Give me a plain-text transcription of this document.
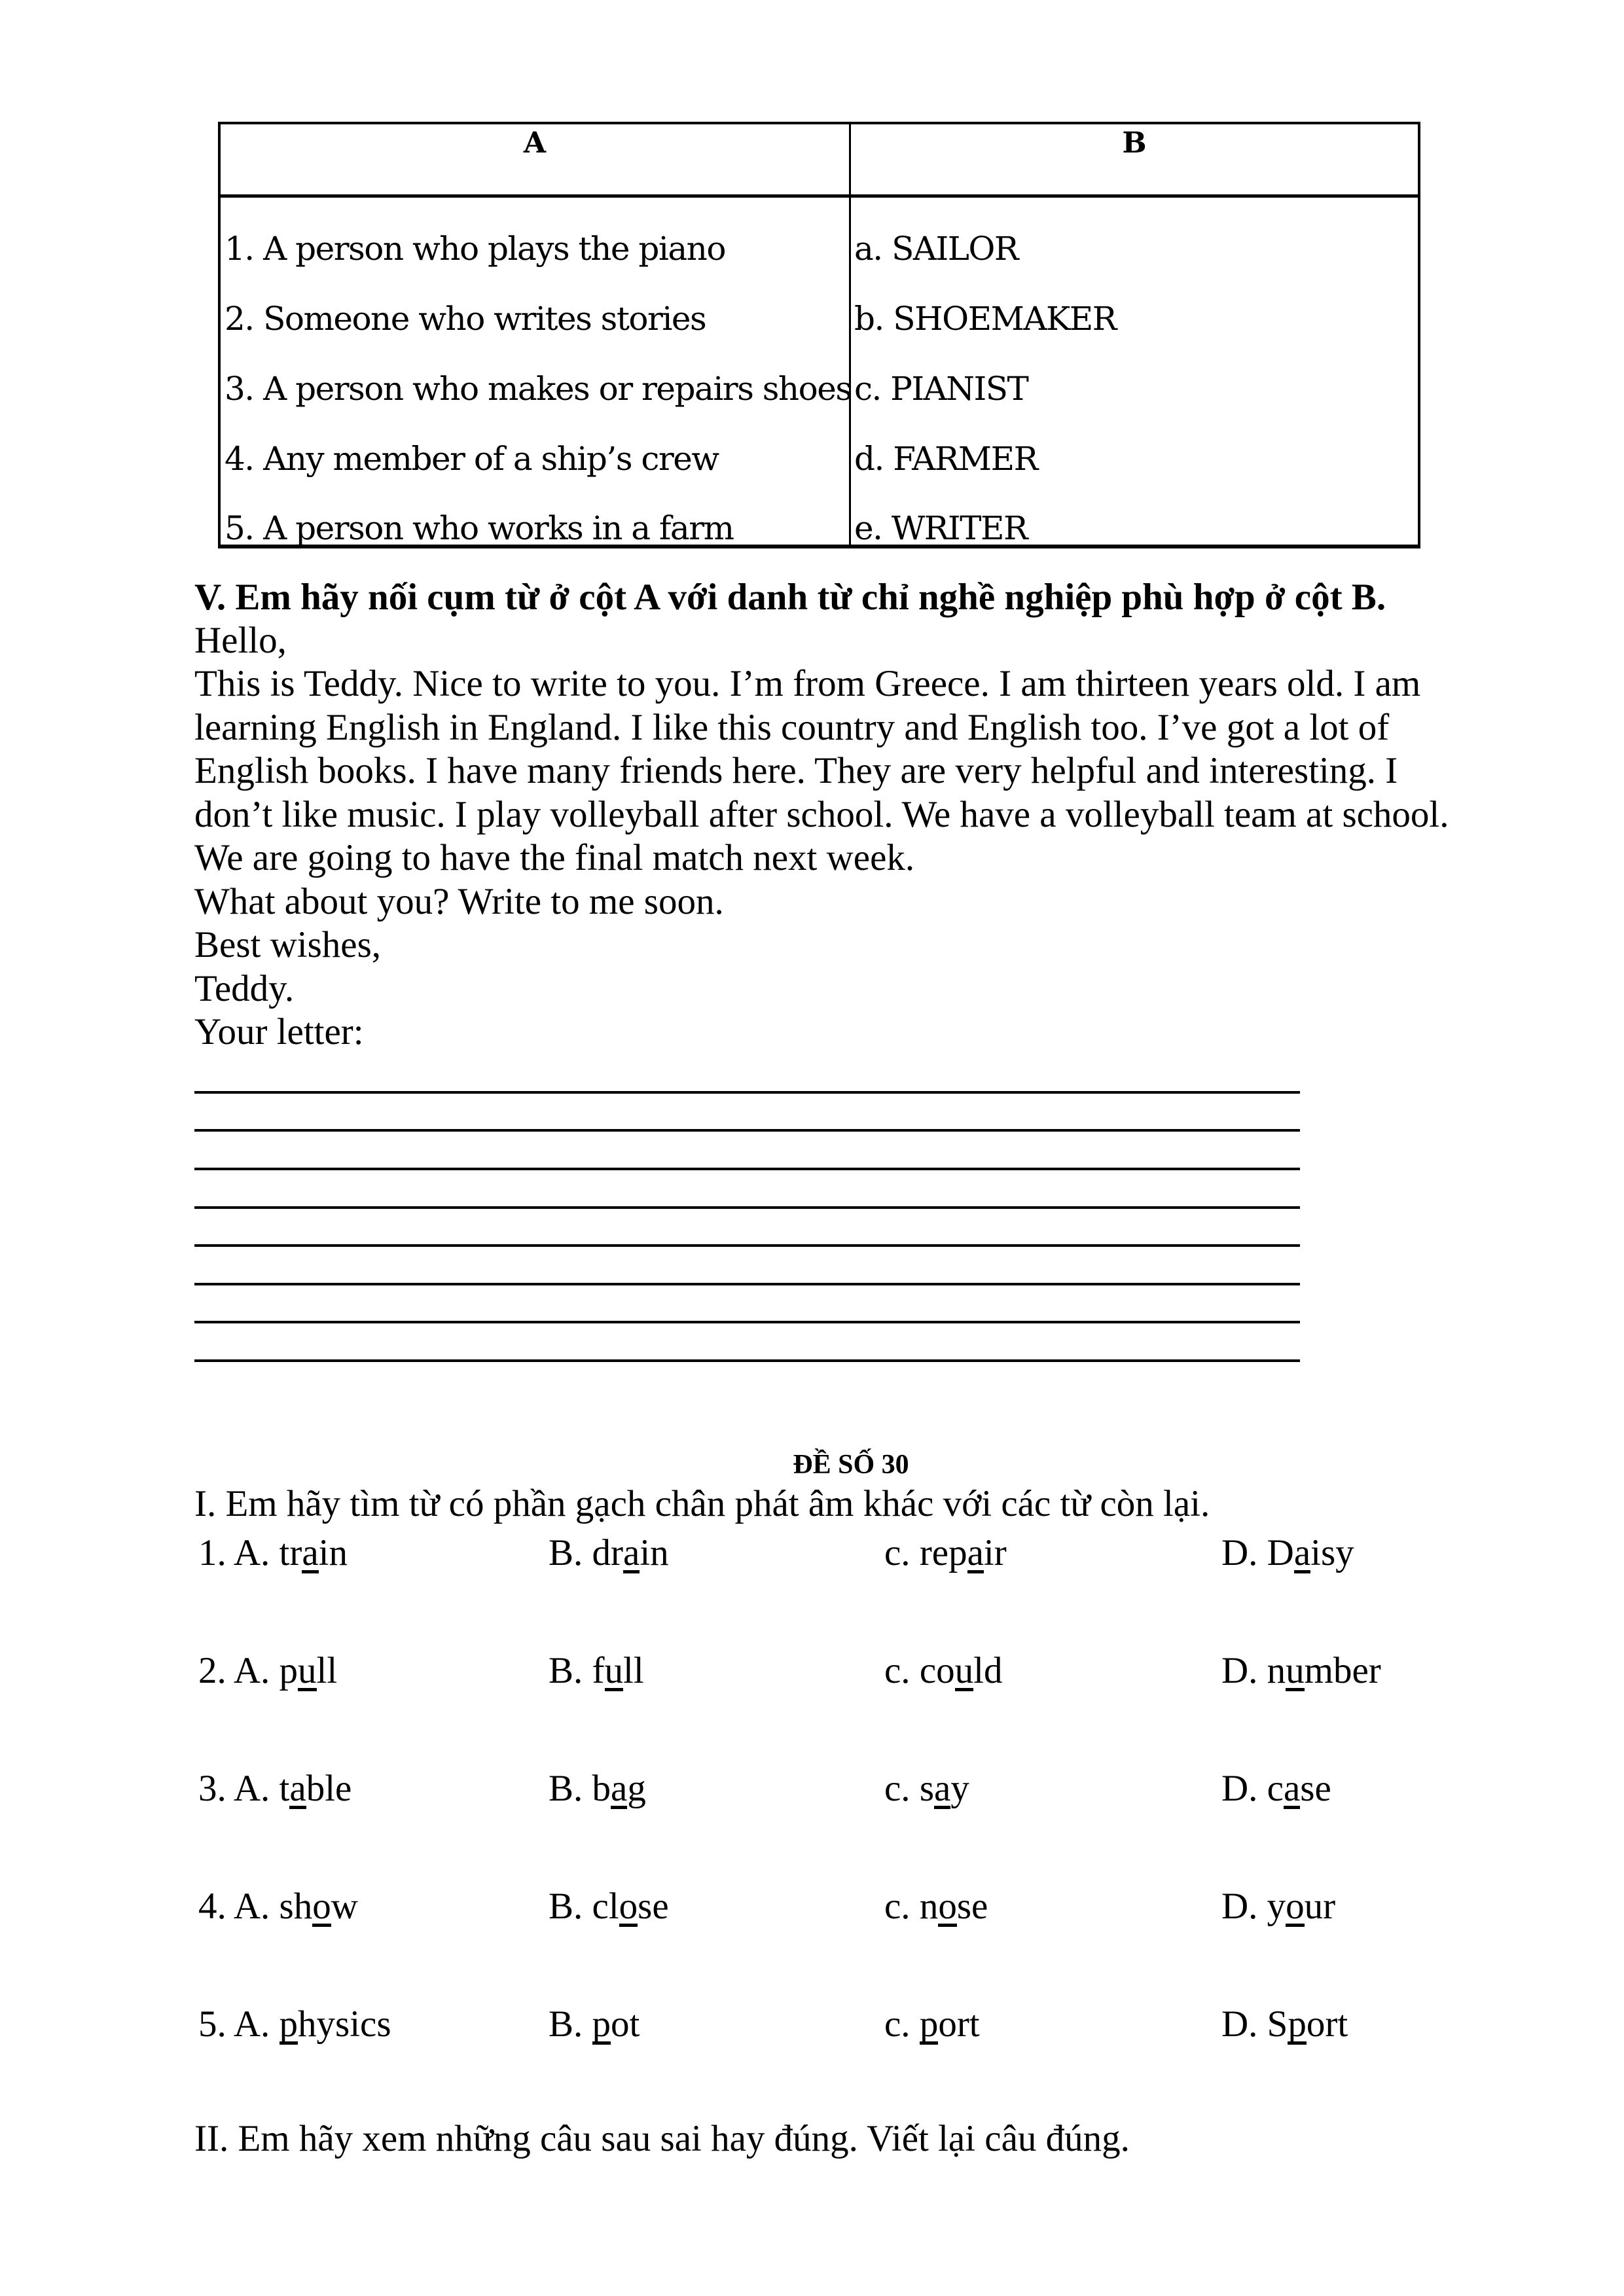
A	B
1. A person who plays the piano	a. SAILOR
2. Someone who writes stories	b. SHOEMAKER
3. A person who makes or repairs shoes c. PIANIST
4. Any member of a ship’s crew	d. FARMER
5. A person who works in a farm	e. WRITER
V. Em hãy nối cụm từ ở cột A với danh từ chỉ nghề nghiệp phù hợp ở cột B.
Hello,
This is Teddy. Nice to write to you. I’m from Greece. I am thirteen years old. I am
learning English in England. I like this country and English too. I’ve got a lot of
English books. I have many friends here. They are very helpful and interesting. I
don’t like music. I play volleyball after school. We have a volleyball team at school.
We are going to have the final match next week.
What about you? Write to me soon.
Best wishes,
Teddy.
Your letter:
ĐỀ SỐ 30
I. Em hãy tìm từ có phần gạch chân phát âm khác với các từ còn lại.
1. A. train	B. drain	c. repair	D. Daisy
2. A. pull	B. full	c. could	D. number
3. A. table	B. bag	c. say	D. case
4. A. show	B. close	c. nose	D. your
5. A. physics	B. pot	c. port	D. Sport
II. Em hãy xem những câu sau sai hay đúng. Viết lại câu đúng.
